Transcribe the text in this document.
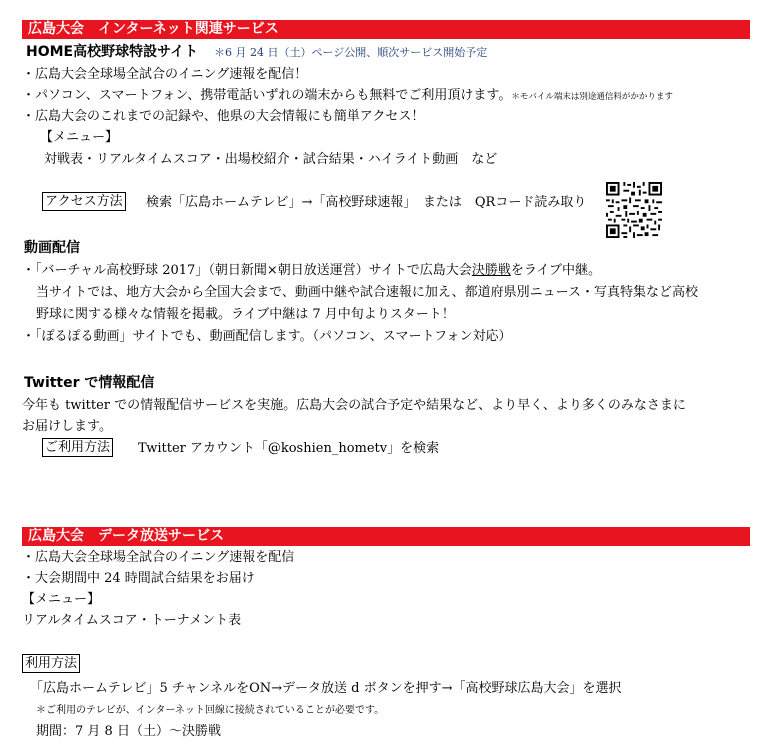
広島大会　インターネット関連サービス
HOME高校野球特設サイト ＊6 月 24 日（土）ページ公開、順次サービス開始予定
・広島大会全球場全試合のイニング速報を配信！
・パソコン、スマートフォン、携帯電話いずれの端末からも無料でご利用頂けます。＊モバイル端末は別途通信料がかかります
・広島大会のこれまでの記録や、他県の大会情報にも簡単アクセス！
【メニュー】
対戦表・リアルタイムスコア・出場校紹介・試合結果・ハイライト動画　など
アクセス方法 検索「広島ホームテレビ」→「高校野球速報」　または　QRコード読み取り
動画配信
・「バーチャル高校野球 2017」（朝日新聞×朝日放送運営）サイトで広島大会決勝戦をライブ中継。
当サイトでは、地方大会から全国大会まで、動画中継や試合速報に加え、都道府県別ニュース・写真特集など高校
野球に関する様々な情報を掲載。ライブ中継は 7 月中旬よりスタート！
・「ぽるぽる動画」サイトでも、動画配信します。（パソコン、スマートフォン対応）
Twitter で情報配信
今年も twitter での情報配信サービスを実施。広島大会の試合予定や結果など、より早く、より多くのみなさまに
お届けします。
ご利用方法 Twitter アカウント「@koshien_hometv」を検索
広島大会　データ放送サービス
・広島大会全球場全試合のイニング速報を配信
・大会期間中 24 時間試合結果をお届け
【メニュー】
リアルタイムスコア・トーナメント表
利用方法
「広島ホームテレビ」5 チャンネルをON→データ放送 d ボタンを押す→「高校野球広島大会」を選択
＊ご利用のテレビが、インターネット回線に接続されていることが必要です。
期間：7 月 8 日（土）～決勝戦
